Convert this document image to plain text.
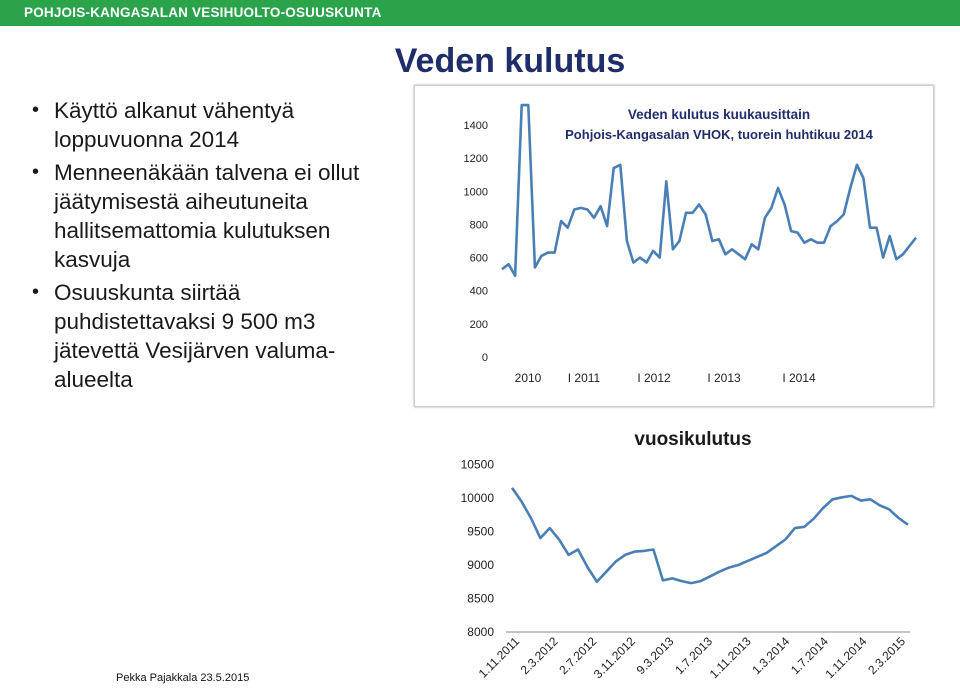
POHJOIS-KANGASALAN VESIHUOLTO-OSUUSKUNTA
Veden kulutus
• Käyttö alkanut vähentyä loppuvuonna 2014
• Menneenäkään talvena ei ollut jäätymisestä aiheutuneita hallitsemattomia kulutuksen kasvuja
• Osuuskunta siirtää puhdistettavaksi 9 500 m3 jätevettä Vesijärven valuma-alueelta
Veden kulutus kuukausittain
Pohjois-Kangasalan VHOK, tuorein huhtikuu 2014
0
200
400
600
800
1000
1200
1400
2010 I 2011	I 2012	I 2013	I 2014
vuosikulutus
8000
8500
9000
9500
10000
10500
1.11.2011
2.3.2012
2.7.2012
3.11.2012
9.3.2013
1.7.2013
1.11.2013
1.3.2014
1.7.2014
1.11.2014
2.3.2015
Pekka Pajakkala 23.5.2015
